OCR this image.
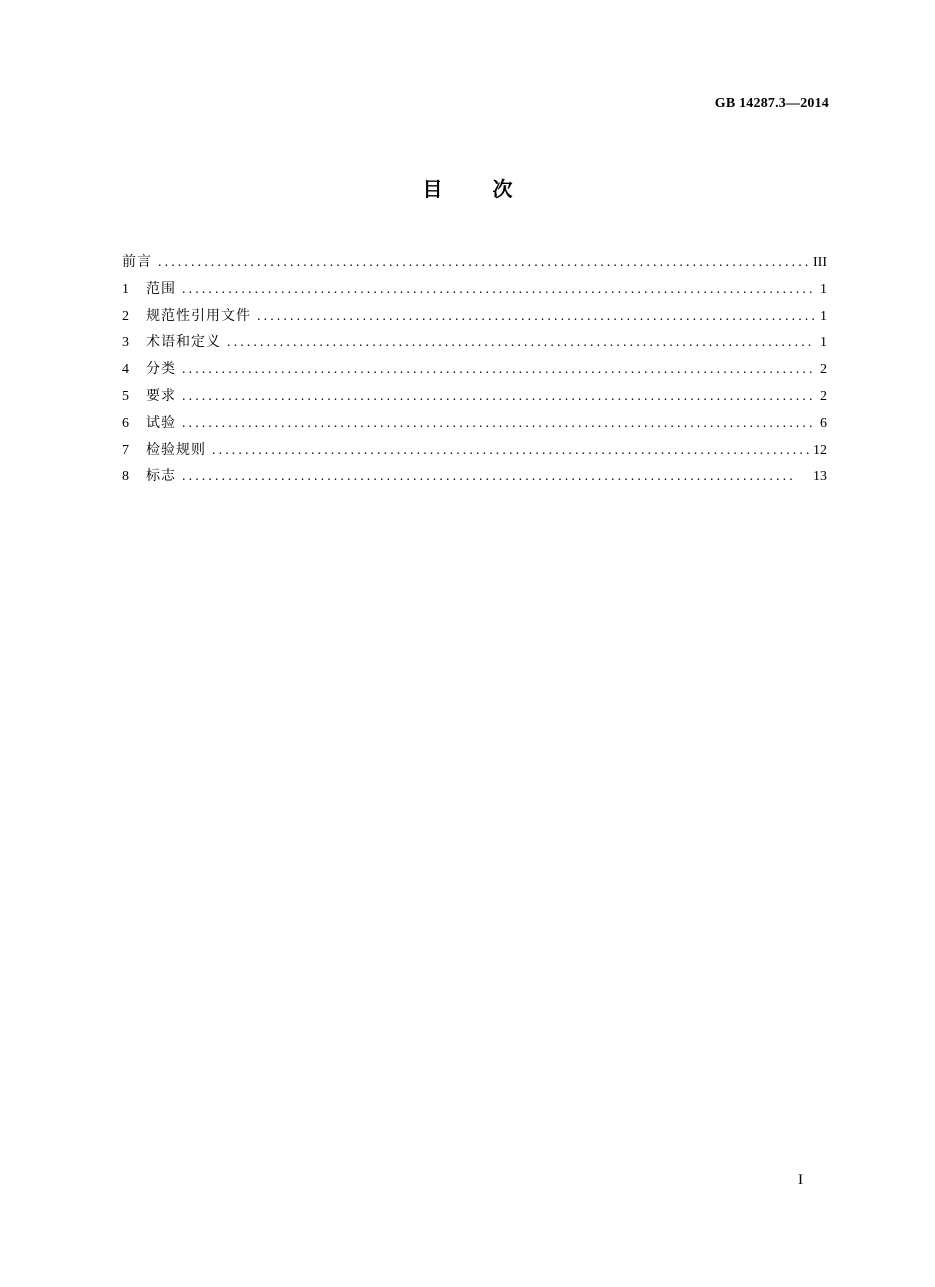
GB 14287.3—2014
目	次
前言 .....	III
1	范围 .....	1
2	规范性引用文件 .....	1
3	术语和定义 .....	1
4	分类 .....	2
5	要求 .....	2
6	试验 .....	6
7	检验规则 .....	12
8	标志 .....	13
I
